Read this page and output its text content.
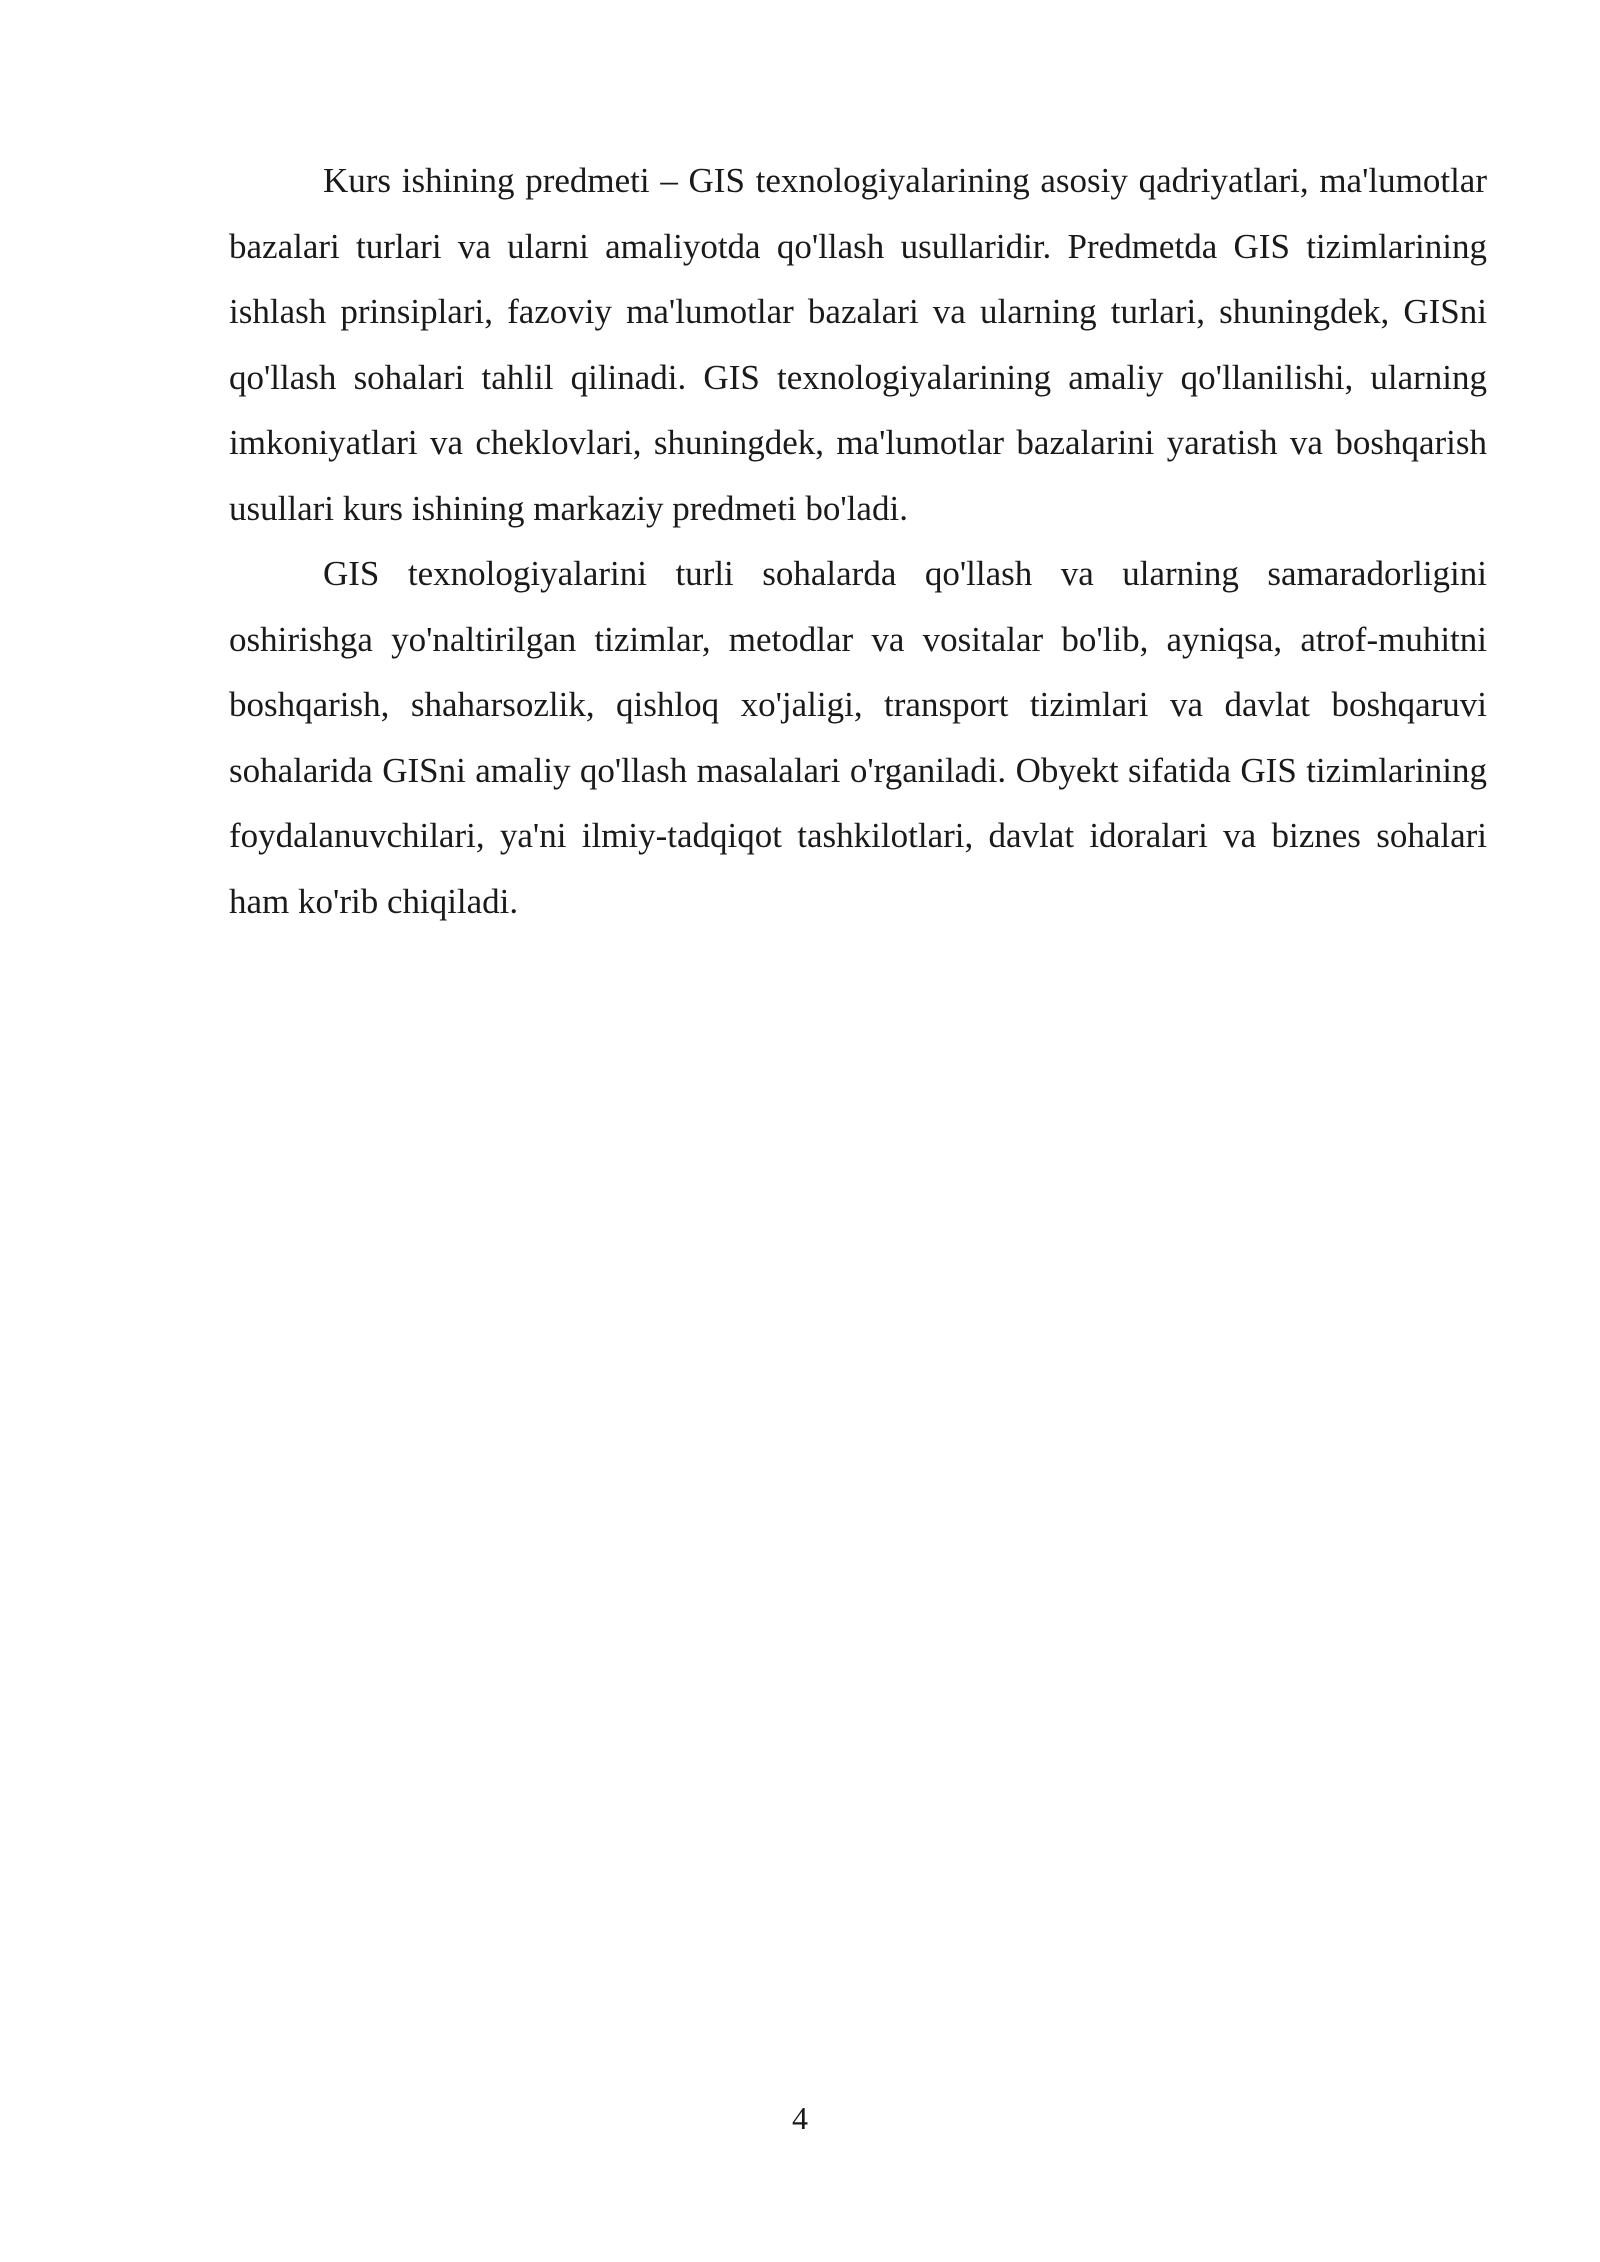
Kurs ishining predmeti – GIS texnologiyalarining asosiy qadriyatlari, ma'lumotlar bazalari turlari va ularni amaliyotda qo'llash usullaridir. Predmetda GIS tizimlarining ishlash prinsiplari, fazoviy ma'lumotlar bazalari va ularning turlari, shuningdek, GISni qo'llash sohalari tahlil qilinadi. GIS texnologiyalarining amaliy qo'llanilishi, ularning imkoniyatlari va cheklovlari, shuningdek, ma'lumotlar bazalarini yaratish va boshqarish usullari kurs ishining markaziy predmeti bo'ladi.

GIS texnologiyalarini turli sohalarda qo'llash va ularning samaradorligini oshirishga yo'naltirilgan tizimlar, metodlar va vositalar bo'lib, ayniqsa, atrof-muhitni boshqarish, shaharsozlik, qishloq xo'jaligi, transport tizimlari va davlat boshqaruvi sohalarida GISni amaliy qo'llash masalalari o'rganiladi. Obyekt sifatida GIS tizimlarining foydalanuvchilari, ya'ni ilmiy-tadqiqot tashkilotlari, davlat idoralari va biznes sohalari ham ko'rib chiqiladi.

4
